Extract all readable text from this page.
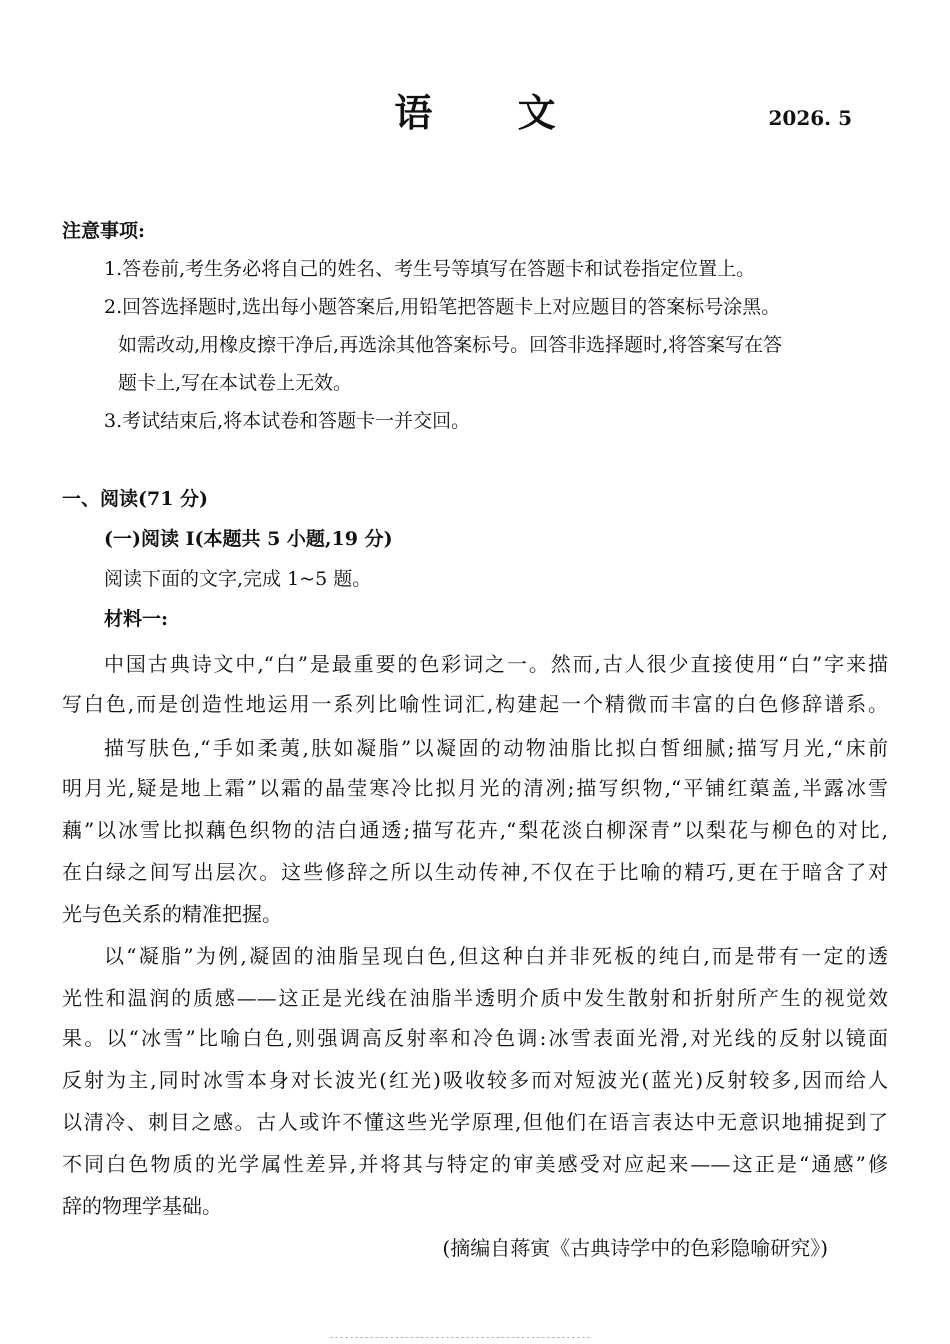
语 文	2026. 5
注意事项:
1.答卷前,考生务必将自己的姓名、考生号等填写在答题卡和试卷指定位置上。
2.回答选择题时,选出每小题答案后,用铅笔把答题卡上对应题目的答案标号涂黑。
如需改动,用橡皮擦干净后,再选涂其他答案标号。回答非选择题时,将答案写在答
题卡上,写在本试卷上无效。
3.考试结束后,将本试卷和答题卡一并交回。
一、阅读(71 分)
(一)阅读 I(本题共 5 小题,19 分)
阅读下面的文字,完成 1~5 题。
材料一:
中国古典诗文中,“白”是最重要的色彩词之一。然而,古人很少直接使用“白”字来描
写白色,而是创造性地运用一系列比喻性词汇,构建起一个精微而丰富的白色修辞谱系。
描写肤色,“手如柔荑,肤如凝脂”以凝固的动物油脂比拟白皙细腻;描写月光,“床前
明月光,疑是地上霜”以霜的晶莹寒冷比拟月光的清冽;描写织物,“平铺红蕖盖,半露冰雪
藕”以冰雪比拟藕色织物的洁白通透;描写花卉,“梨花淡白柳深青”以梨花与柳色的对比,
在白绿之间写出层次。这些修辞之所以生动传神,不仅在于比喻的精巧,更在于暗含了对
光与色关系的精准把握。
以“凝脂”为例,凝固的油脂呈现白色,但这种白并非死板的纯白,而是带有一定的透
光性和温润的质感——这正是光线在油脂半透明介质中发生散射和折射所产生的视觉效
果。以“冰雪”比喻白色,则强调高反射率和冷色调:冰雪表面光滑,对光线的反射以镜面
反射为主,同时冰雪本身对长波光(红光)吸收较多而对短波光(蓝光)反射较多,因而给人
以清冷、刺目之感。古人或许不懂这些光学原理,但他们在语言表达中无意识地捕捉到了
不同白色物质的光学属性差异,并将其与特定的审美感受对应起来——这正是“通感”修
辞的物理学基础。
(摘编自蒋寅《古典诗学中的色彩隐喻研究》)
